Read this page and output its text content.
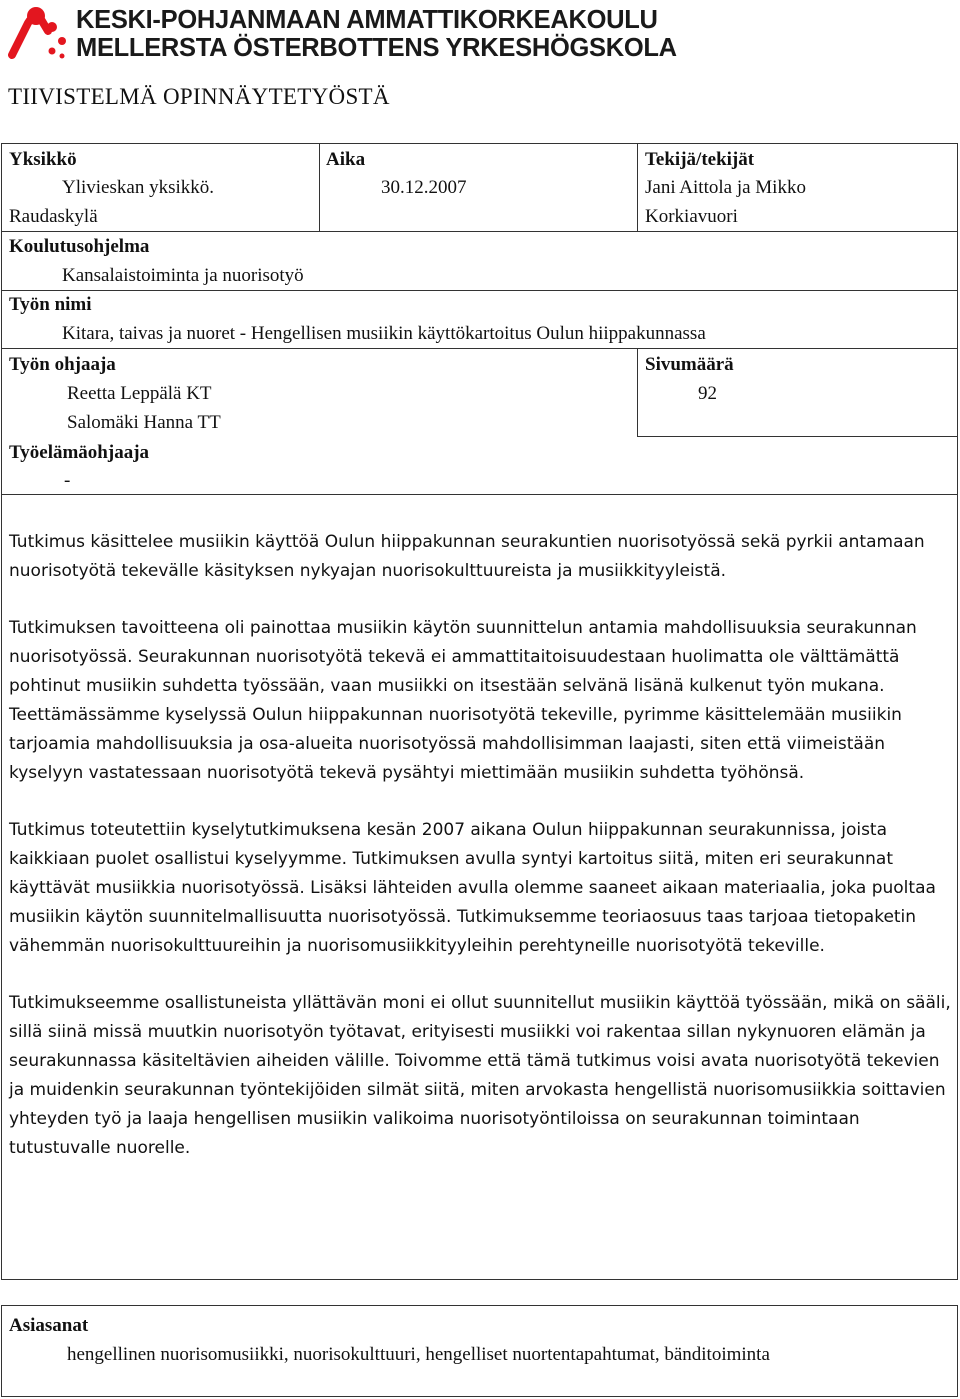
KESKI-POHJANMAAN AMMATTIKORKEAKOULU
MELLERSTA ÖSTERBOTTENS YRKESHÖGSKOLA
TIIVISTELMÄ OPINNÄYTETYÖSTÄ
Yksikkö
Ylivieskan yksikkö.
Raudaskylä
Aika
30.12.2007
Tekijä/tekijät
Jani Aittola ja Mikko
Korkiavuori
Koulutusohjelma
Kansalaistoiminta ja nuorisotyö
Työn nimi
Kitara, taivas ja nuoret - Hengellisen musiikin käyttökartoitus Oulun hiippakunnassa
Työn ohjaaja
Reetta Leppälä KT
Salomäki Hanna TT
Sivumäärä
92
Työelämäohjaaja
-

Tutkimus käsittelee musiikin käyttöä Oulun hiippakunnan seurakuntien nuorisotyössä sekä pyrkii antamaan nuorisotyötä tekevälle käsityksen nykyajan nuorisokulttuureista ja musiikkityyleistä.

Tutkimuksen tavoitteena oli painottaa musiikin käytön suunnittelun antamia mahdollisuuksia seurakunnan nuorisotyössä. Seurakunnan nuorisotyötä tekevä ei ammattitaitoisuudestaan huolimatta ole välttämättä pohtinut musiikin suhdetta työssään, vaan musiikki on itsestään selvänä lisänä kulkenut työn mukana. Teettämässämme kyselyssä Oulun hiippakunnan nuorisotyötä tekeville, pyrimme käsittelemään musiikin tarjoamia mahdollisuuksia ja osa-alueita nuorisotyössä mahdollisimman laajasti, siten että viimeistään kyselyyn vastatessaan nuorisotyötä tekevä pysähtyi miettimään musiikin suhdetta työhönsä.

Tutkimus toteutettiin kyselytutkimuksena kesän 2007 aikana Oulun hiippakunnan seurakunnissa, joista kaikkiaan puolet osallistui kyselyymme. Tutkimuksen avulla syntyi kartoitus siitä, miten eri seurakunnat käyttävät musiikkia nuorisotyössä. Lisäksi lähteiden avulla olemme saaneet aikaan materiaalia, joka puoltaa musiikin käytön suunnitelmallisuutta nuorisotyössä. Tutkimuksemme teoriaosuus taas tarjoaa tietopaketin vähemmän nuorisokulttuureihin ja nuorisomusiikkityyleihin perehtyneille nuorisotyötä tekeville.

Tutkimukseemme osallistuneista yllättävän moni ei ollut suunnitellut musiikin käyttöä työssään, mikä on sääli, sillä siinä missä muutkin nuorisotyön työtavat, erityisesti musiikki voi rakentaa sillan nykynuoren elämän ja seurakunnassa käsiteltävien aiheiden välille. Toivomme että tämä tutkimus voisi avata nuorisotyötä tekevien ja muidenkin seurakunnan työntekijöiden silmät siitä, miten arvokasta hengellistä nuorisomusiikkia soittavien yhteyden työ ja laaja hengellisen musiikin valikoima nuorisotyöntiloissa on seurakunnan toimintaan tutustuvalle nuorelle.

Asiasanat
hengellinen nuorisomusiikki, nuorisokulttuuri, hengelliset nuortentapahtumat, bänditoiminta
